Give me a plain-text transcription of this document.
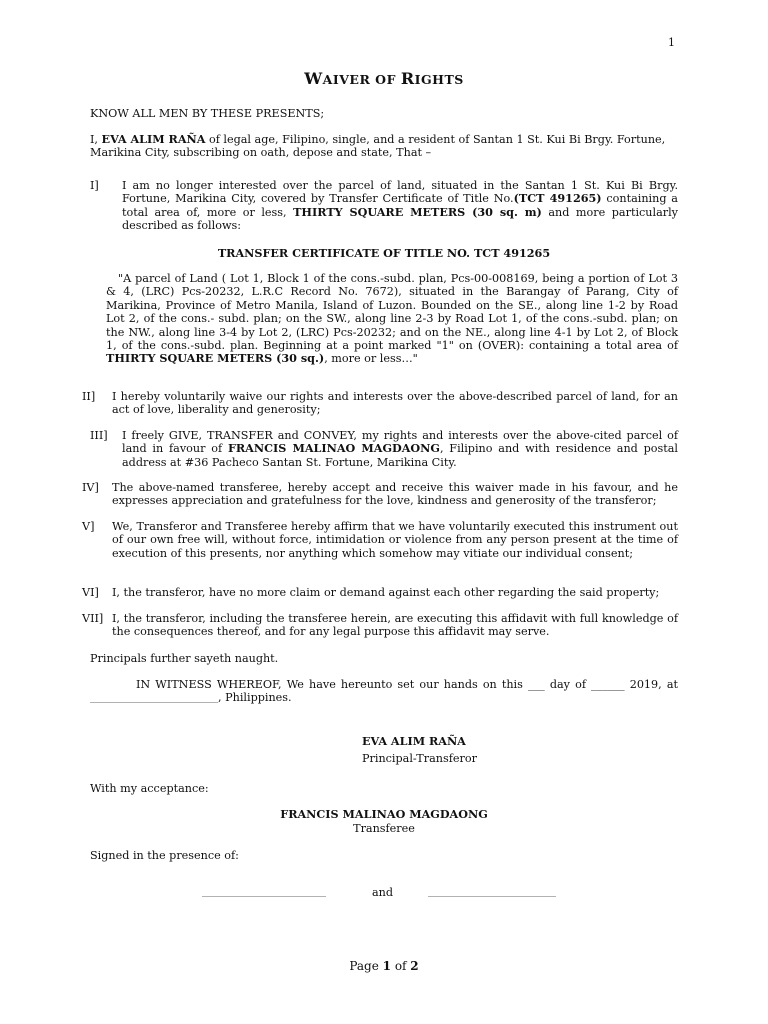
1
WAIVER OF RIGHTS
KNOW ALL MEN BY THESE PRESENTS;
I, EVA ALIM RAÑA of legal age, Filipino, single, and a resident of Santan 1 St. Kui Bi Brgy. Fortune, Marikina City, subscribing on oath, depose and state, That –
I] I am no longer interested over the parcel of land, situated in the Santan 1 St. Kui Bi Brgy. Fortune, Marikina City, covered by Transfer Certificate of Title No.(TCT 491265) containing a total area of, more or less, THIRTY SQUARE METERS (30 sq. m) and more particularly described as follows:
TRANSFER CERTIFICATE OF TITLE NO. TCT 491265
"A parcel of Land ( Lot 1, Block 1 of the cons.-subd. plan, Pcs-00-008169, being a portion of Lot 3 & 4, (LRC) Pcs-20232, L.R.C Record No. 7672), situated in the Barangay of Parang, City of Marikina, Province of Metro Manila, Island of Luzon. Bounded on the SE., along line 1-2 by Road Lot 2, of the cons.- subd. plan; on the SW., along line 2-3 by Road Lot 1, of the cons.-subd. plan; on the NW., along line 3-4 by Lot 2, (LRC) Pcs-20232; and on the NE., along line 4-1 by Lot 2, of Block 1, of the cons.-subd. plan. Beginning at a point marked "1" on (OVER): containing a total area of THIRTY SQUARE METERS (30 sq.), more or less…"
II] I hereby voluntarily waive our rights and interests over the above-described parcel of land, for an act of love, liberality and generosity;
III] I freely GIVE, TRANSFER and CONVEY, my rights and interests over the above-cited parcel of land in favour of FRANCIS MALINAO MAGDAONG, Filipino and with residence and postal address at #36 Pacheco Santan St. Fortune, Marikina City.
IV] The above-named transferee, hereby accept and receive this waiver made in his favour, and he expresses appreciation and gratefulness for the love, kindness and generosity of the transferor;
V] We, Transferor and Transferee hereby affirm that we have voluntarily executed this instrument out of our own free will, without force, intimidation or violence from any person present at the time of execution of this presents, nor anything which somehow may vitiate our individual consent;
VI] I, the transferor, have no more claim or demand against each other regarding the said property;
VII] I, the transferor, including the transferee herein, are executing this affidavit with full knowledge of the consequences thereof, and for any legal purpose this affidavit may serve.
Principals further sayeth naught.
IN WITNESS WHEREOF, We have hereunto set our hands on this ___ day of ______ 2019, at ________________________________, Philippines.
EVA ALIM RAÑA
Principal-Transferor
With my acceptance:
FRANCIS MALINAO MAGDAONG
Transferee
Signed in the presence of:
_______________________________	and	________________________________
Page 1 of 2
